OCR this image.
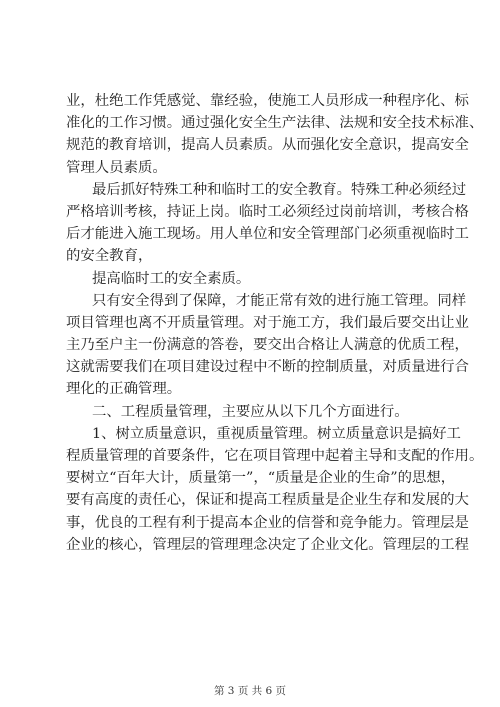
业，杜绝工作凭感觉、靠经验，使施工人员形成一种程序化、标
准化的工作习惯。通过强化安全生产法律、法规和安全技术标准、
规范的教育培训，提高人员素质。从而强化安全意识，提高安全
管理人员素质。
最后抓好特殊工种和临时工的安全教育。特殊工种必须经过
严格培训考核，持证上岗。临时工必须经过岗前培训，考核合格
后才能进入施工现场。用人单位和安全管理部门必须重视临时工
的安全教育，
提高临时工的安全素质。
只有安全得到了保障，才能正常有效的进行施工管理。同样
项目管理也离不开质量管理。对于施工方，我们最后要交出让业
主乃至户主一份满意的答卷，要交出合格让人满意的优质工程，
这就需要我们在项目建设过程中不断的控制质量，对质量进行合
理化的正确管理。
二、工程质量管理，主要应从以下几个方面进行。
1、树立质量意识，重视质量管理。树立质量意识是搞好工
程质量管理的首要条件，它在项目管理中起着主导和支配的作用。
要树立“百年大计，质量第一”，“质量是企业的生命”的思想，
要有高度的责任心，保证和提高工程质量是企业生存和发展的大
事，优良的工程有利于提高本企业的信誉和竞争能力。管理层是
企业的核心，管理层的管理理念决定了企业文化。管理层的工程
第 3 页 共 6 页
